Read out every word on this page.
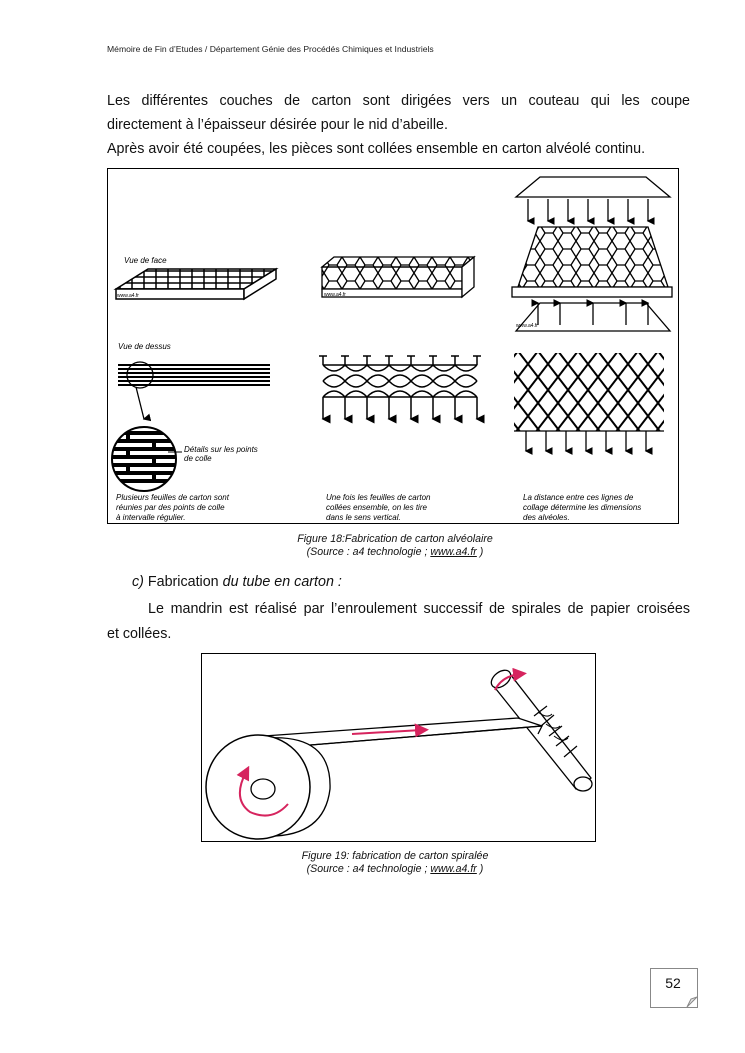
Mémoire de Fin d’Etudes / Département Génie des Procédés Chimiques et Industriels
Les différentes couches de carton sont dirigées vers un couteau qui les coupe
directement à l’épaisseur désirée pour le nid d’abeille.
Après avoir été coupées, les pièces sont collées ensemble en carton alvéolé continu.
Vue de face
www.a4.fr
Vue de dessus
Détails sur les points
de colle
Plusieurs feuilles de carton sont
réunies par des points de colle
à intervalle régulier.
www.a4.fr
Une fois les feuilles de carton
collées ensemble, on les tire
dans le sens vertical.
www.a4.fr
La distance entre ces lignes de
collage détermine les dimensions
des alvéoles.
Figure 18:Fabrication de carton alvéolaire
(Source : a4 technologie ; www.a4.fr )
c) Fabrication du tube en carton :
Le mandrin est réalisé par l’enroulement successif de spirales de papier croisées
et collées.
Figure 19: fabrication de carton spiralée
(Source : a4 technologie ; www.a4.fr )
52
